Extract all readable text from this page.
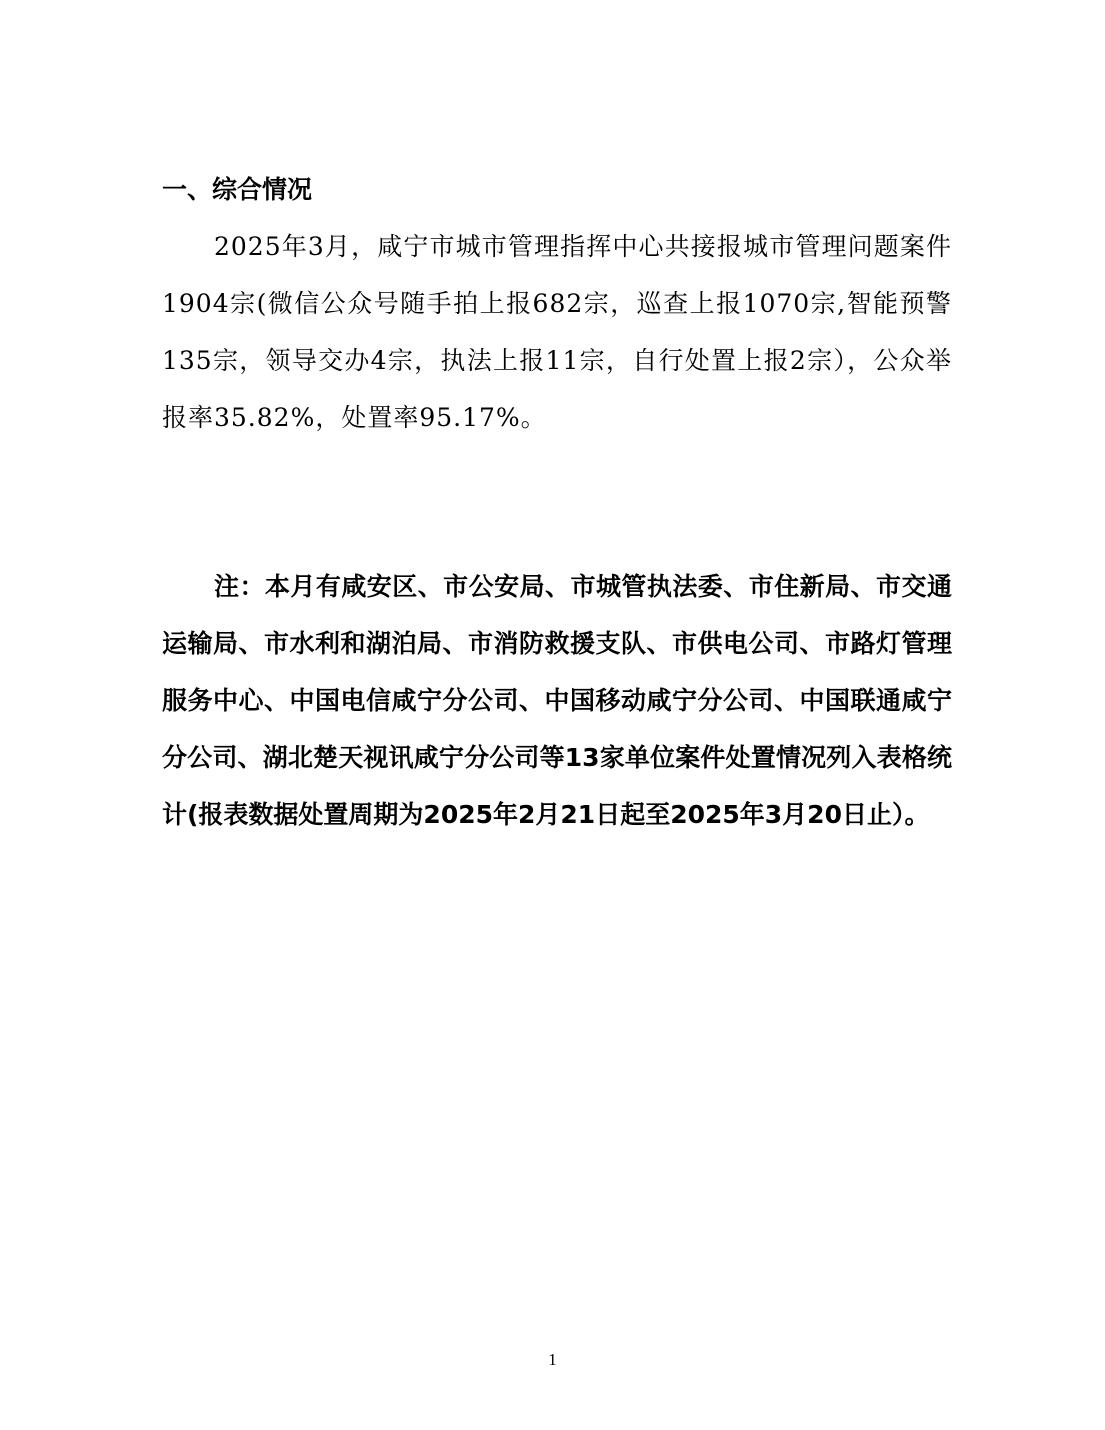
一、综合情况

2025年3月，咸宁市城市管理指挥中心共接报城市管理问题案件1904宗(微信公众号随手拍上报682宗，巡查上报1070宗,智能预警135宗，领导交办4宗，执法上报11宗，自行处置上报2宗），公众举报率35.82%，处置率95.17%。

注：本月有咸安区、市公安局、市城管执法委、市住新局、市交通运输局、市水利和湖泊局、市消防救援支队、市供电公司、市路灯管理服务中心、中国电信咸宁分公司、中国移动咸宁分公司、中国联通咸宁分公司、湖北楚天视讯咸宁分公司等13家单位案件处置情况列入表格统计(报表数据处置周期为2025年2月21日起至2025年3月20日止）。

1
